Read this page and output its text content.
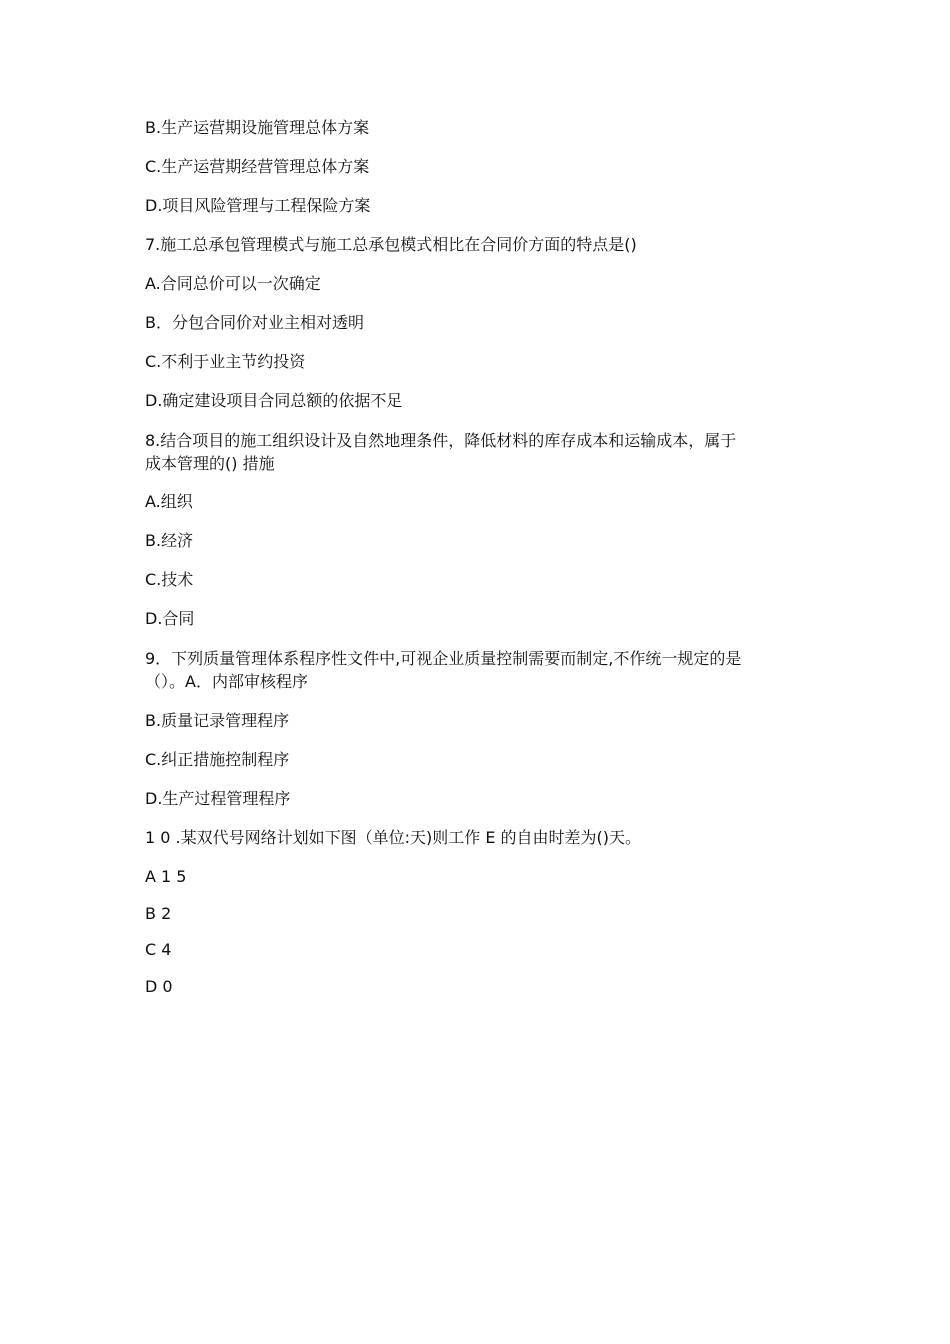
B.生产运营期设施管理总体方案
C.生产运营期经营管理总体方案
D.项目风险管理与工程保险方案
7.施工总承包管理模式与施工总承包模式相比在合同价方面的特点是()
A.合同总价可以一次确定
B．分包合同价对业主相对透明
C.不利于业主节约投资
D.确定建设项目合同总额的依据不足
8.结合项目的施工组织设计及自然地理条件，降低材料的库存成本和运输成本，属于
成本管理的() 措施
A.组织
B.经济
C.技术
D.合同
9．下列质量管理体系程序性文件中,可视企业质量控制需要而制定,不作统一规定的是
（）。A．内部审核程序
B.质量记录管理程序
C.纠正措施控制程序
D.生产过程管理程序
1 0 .某双代号网络计划如下图（单位:天)则工作 E 的自由时差为()天。
A 1 5
B 2
C 4
D 0
